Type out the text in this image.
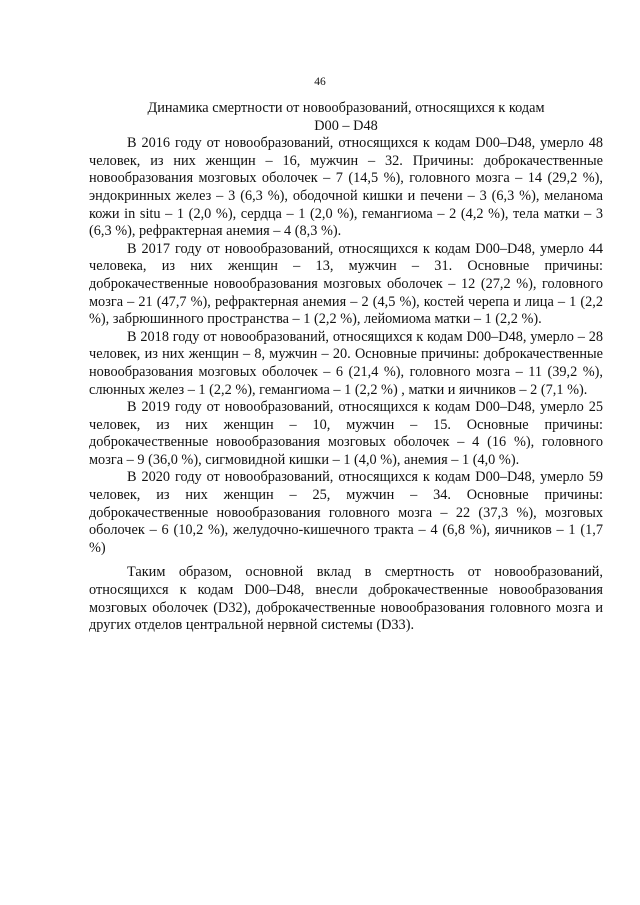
46
Динамика смертности от новообразований, относящихся к кодам
D00 – D48

В 2016 году от новообразований, относящихся к кодам D00–D48, умерло 48 человек, из них женщин – 16, мужчин – 32. Причины: доброкачественные новообразования мозговых оболочек – 7 (14,5 %), головного мозга – 14 (29,2 %), эндокринных желез – 3 (6,3 %), ободочной кишки и печени – 3 (6,3 %), меланома кожи in situ – 1 (2,0 %), сердца – 1 (2,0 %), гемангиома – 2 (4,2 %), тела матки – 3 (6,3 %), рефрактерная анемия – 4 (8,3 %).

В 2017 году от новообразований, относящихся к кодам D00–D48, умерло 44 человека, из них женщин – 13, мужчин – 31. Основные причины: доброкачественные новообразования мозговых оболочек – 12 (27,2 %), головного мозга – 21 (47,7 %), рефрактерная анемия – 2 (4,5 %), костей черепа и лица – 1 (2,2 %), забрюшинного пространства – 1 (2,2 %), лейомиома матки – 1 (2,2 %).

В 2018 году от новообразований, относящихся к кодам D00–D48, умерло – 28 человек, из них женщин – 8, мужчин – 20. Основные причины: доброкачественные новообразования мозговых оболочек – 6 (21,4 %), головного мозга – 11 (39,2 %), слюнных желез – 1 (2,2 %), гемангиома – 1 (2,2 %) , матки и яичников – 2 (7,1 %).

В 2019 году от новообразований, относящихся к кодам D00–D48, умерло 25 человек, из них женщин – 10, мужчин – 15. Основные причины: доброкачественные новообразования мозговых оболочек – 4 (16 %), головного мозга – 9 (36,0 %), сигмовидной кишки – 1 (4,0 %), анемия – 1 (4,0 %).

В 2020 году от новообразований, относящихся к кодам D00–D48, умерло 59 человек, из них женщин – 25, мужчин – 34. Основные причины: доброкачественные новообразования головного мозга – 22 (37,3 %), мозговых оболочек – 6 (10,2 %), желудочно-кишечного тракта – 4 (6,8 %), яичников – 1 (1,7 %)

Таким образом, основной вклад в смертность от новообразований, относящихся к кодам D00–D48, внесли доброкачественные новообразования мозговых оболочек (D32), доброкачественные новообразования головного мозга и других отделов центральной нервной системы (D33).
